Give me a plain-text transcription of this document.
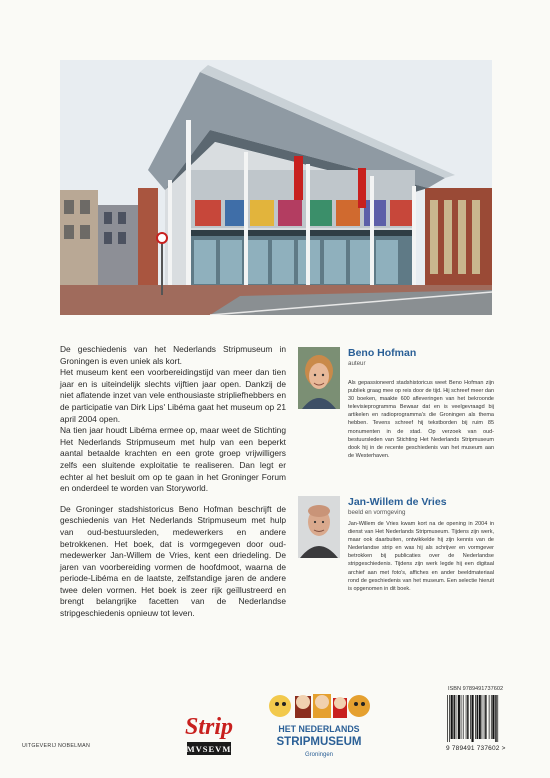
De geschiedenis van het Nederlands Stripmuseum in Groningen is even uniek als kort.
Het museum kent een voorbereidingstijd van meer dan tien jaar en is uiteindelijk slechts vijftien jaar open. Dankzij de niet aflatende inzet van vele enthousiaste stripliefhebbers en de participatie van Dirk Lips' Libéma gaat het museum op 21 april 2004 open.
Na tien jaar houdt Libéma ermee op, maar weet de Stichting Het Nederlands Stripmuseum met hulp van een beperkt aantal betaalde krachten en een grote groep vrijwilligers zelfs een sluitende exploitatie te realiseren. Dan legt er echter al het besluit om op te gaan in het Groninger Forum en onderdeel te worden van Storyworld.

De Groninger stadshistoricus Beno Hofman beschrijft de geschiedenis van Het Nederlands Stripmuseum met hulp van oud-bestuursleden, medewerkers en andere betrokkenen. Het boek, dat is vormgegeven door oud-medewerker Jan-Willem de Vries, kent een driedeling. De jaren van voorbereiding vormen de hoofdmoot, waarna de periode-Libéma en de laatste, zelfstandige jaren de andere twee delen vormen. Het boek is zeer rijk geïllustreerd en brengt belangrijke facetten van de Nederlandse stripgeschiedenis opnieuw tot leven.

Beno Hofman
auteur
Als gepassioneerd stadshistoricus weet Beno Hofman zijn publiek graag mee op reis door de tijd. Hij schreef meer dan 30 boeken, maakte 600 afleveringen van het bekroonde televisieprogramma Bewaar dat en is veelgevraagd bij artikelen en radioprogramma's die Groningen als thema hebben. Tevens schreef hij tekstborden bij ruim 85 monumenten in de stad. Op verzoek van oud-bestuursleden van Stichting Het Nederlands Stripmuseum dook hij in de recente geschiedenis van het museum aan de Westerhaven.
Jan-Willem de Vries
beeld en vormgeving
Jan-Willem de Vries kwam kort na de opening in 2004 in dienst van Het Nederlands Stripmuseum. Tijdens zijn werk, maar ook daarbuiten, ontwikkelde hij zijn kennis van de Nederlandse strip en was hij als schrijver en vormgever betrokken bij publicaties over de Nederlandse stripgeschiedenis. Tijdens zijn werk legde hij een digitaal archief aan met foto's, affiches en ander beeldmateriaal rond de geschiedenis van het museum. Een selectie hieruit is opgenomen in dit boek.
UITGEVERIJ NOBELMAN
Strip
MVSEVM
HET NEDERLANDS
STRIPMUSEUM
Groningen
ISBN 9789491737602
9 789491 737602 >
